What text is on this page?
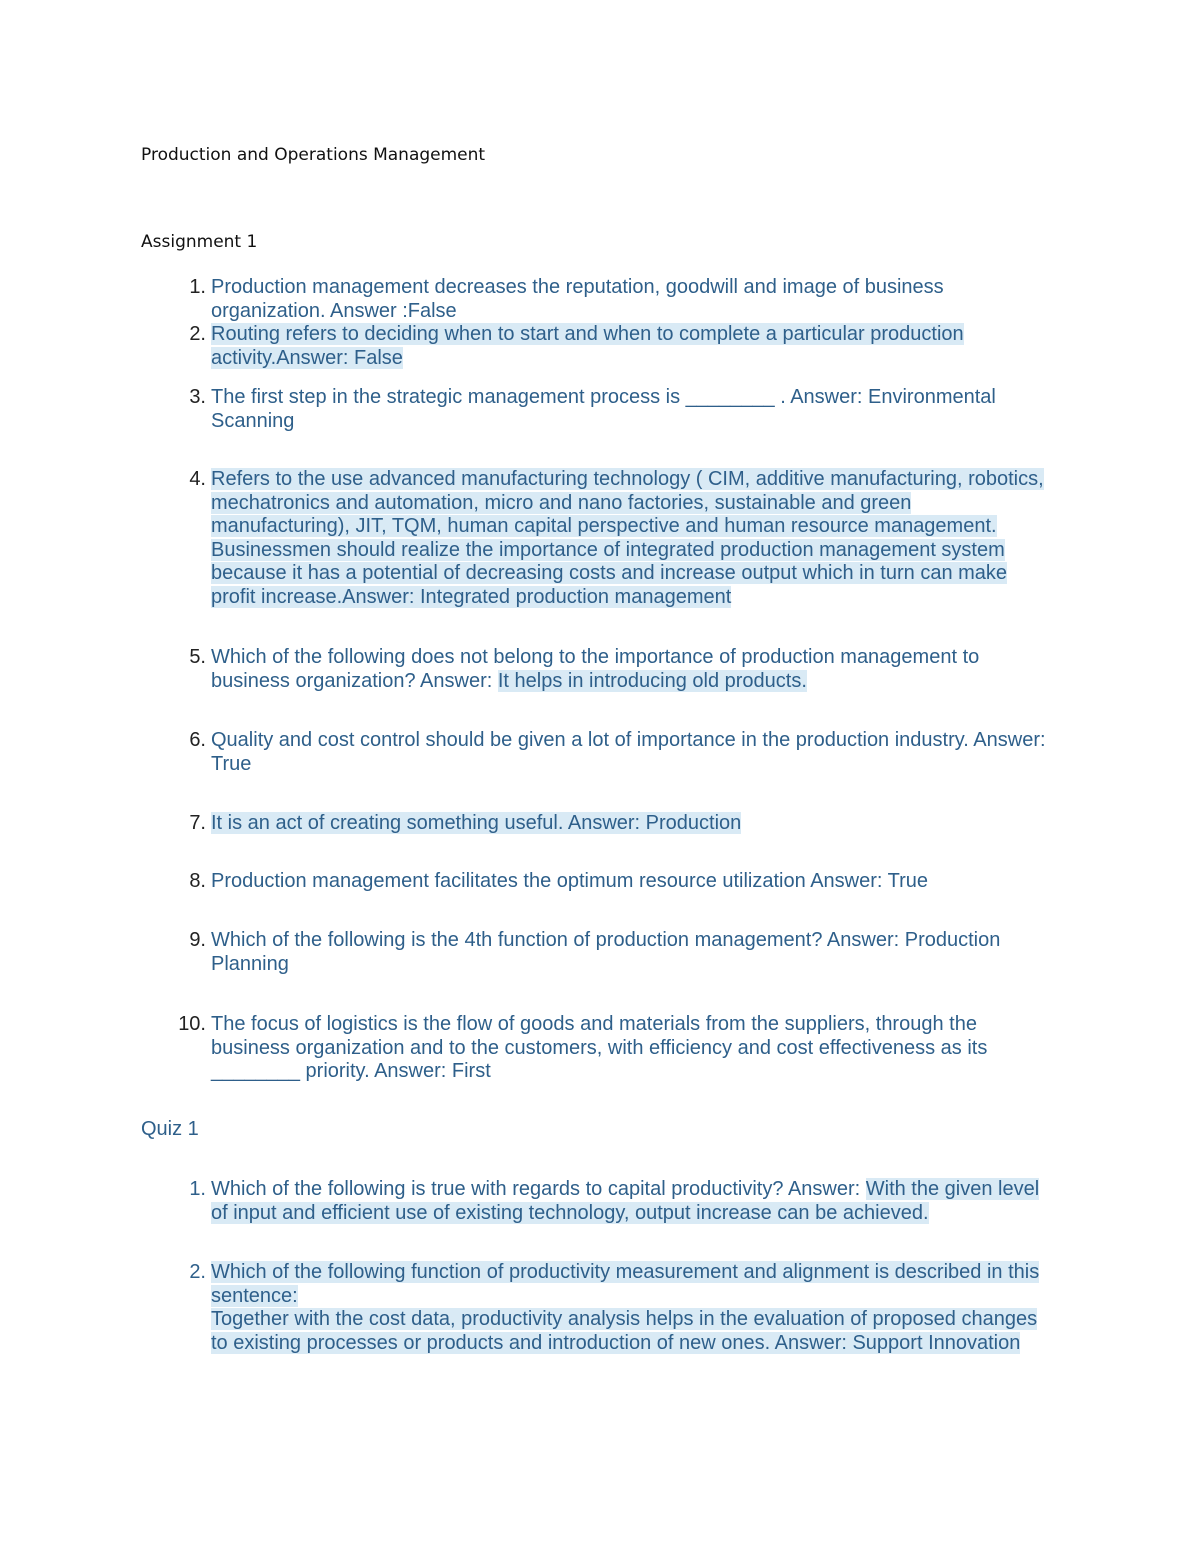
Production and Operations Management
Assignment 1
1. Production management decreases the reputation, goodwill and image of business organization. Answer :False
2. Routing refers to deciding when to start and when to complete a particular production activity.Answer: False
3. The first step in the strategic management process is ________ . Answer: Environmental Scanning
4. Refers to the use advanced manufacturing technology ( CIM, additive manufacturing, robotics, mechatronics and automation, micro and nano factories, sustainable and green manufacturing), JIT, TQM, human capital perspective and human resource management. Businessmen should realize the importance of integrated production management system because it has a potential of decreasing costs and increase output which in turn can make profit increase.Answer: Integrated production management
5. Which of the following does not belong to the importance of production management to business organization? Answer: It helps in introducing old products.
6. Quality and cost control should be given a lot of importance in the production industry. Answer: True
7. It is an act of creating something useful. Answer: Production
8. Production management facilitates the optimum resource utilization Answer: True
9. Which of the following is the 4th function of production management? Answer: Production Planning
10. The focus of logistics is the flow of goods and materials from the suppliers, through the business organization and to the customers, with efficiency and cost effectiveness as its ________ priority. Answer: First
Quiz 1
1. Which of the following is true with regards to capital productivity? Answer: With the given level of input and efficient use of existing technology, output increase can be achieved.
2. Which of the following function of productivity measurement and alignment is described in this sentence:
Together with the cost data, productivity analysis helps in the evaluation of proposed changes to existing processes or products and introduction of new ones. Answer: Support Innovation
